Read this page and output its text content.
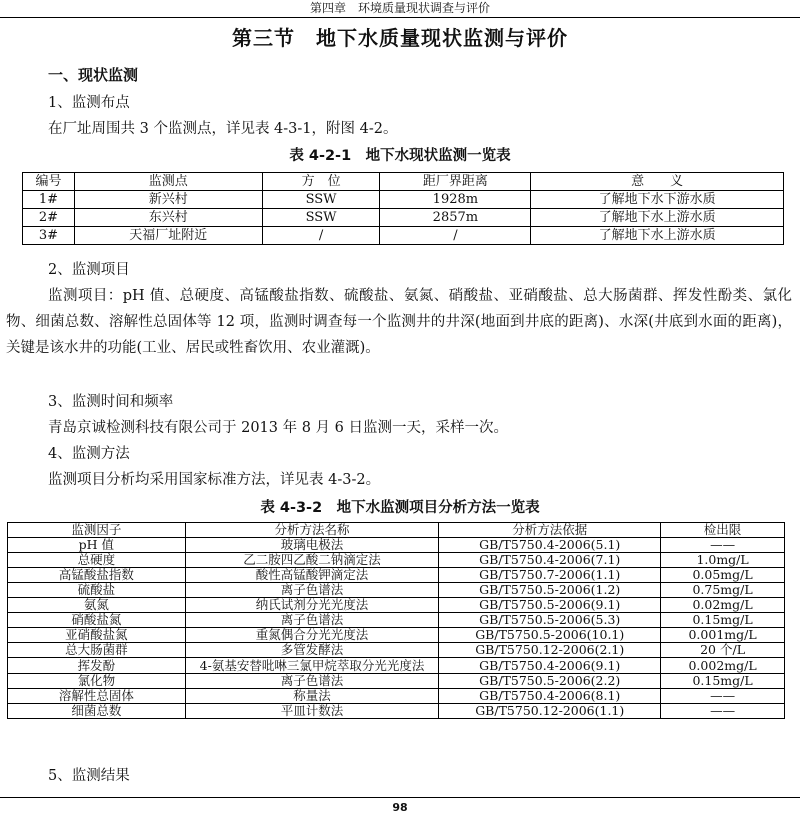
第四章　环境质量现状调查与评价
第三节　地下水质量现状监测与评价
一、现状监测
1、监测布点
在厂址周围共 3 个监测点，详见表 4-3-1，附图 4-2。
表 4-2-1　地下水现状监测一览表
编号	监测点	方　位	距厂界距离	意　　义
1#	新兴村	SSW	1928m	了解地下水下游水质
2#	东兴村	SSW	2857m	了解地下水上游水质
3#	天福厂址附近	/	/	了解地下水上游水质
2、监测项目
监测项目：pH 值、总硬度、高锰酸盐指数、硫酸盐、氨氮、硝酸盐、亚硝酸盐、总大肠菌群、挥发性酚类、氯化物、细菌总数、溶解性总固体等 12 项，监测时调查每一个监测井的井深(地面到井底的距离)、水深(井底到水面的距离)，关键是该水井的功能(工业、居民或牲畜饮用、农业灌溉)。
3、监测时间和频率
青岛京诚检测科技有限公司于 2013 年 8 月 6 日监测一天，采样一次。
4、监测方法
监测项目分析均采用国家标准方法，详见表 4-3-2。
表 4-3-2　地下水监测项目分析方法一览表
监测因子	分析方法名称	分析方法依据	检出限
pH 值	玻璃电极法	GB/T5750.4-2006(5.1)	——
总硬度	乙二胺四乙酸二钠滴定法	GB/T5750.4-2006(7.1)	1.0mg/L
高锰酸盐指数	酸性高锰酸钾滴定法	GB/T5750.7-2006(1.1)	0.05mg/L
硫酸盐	离子色谱法	GB/T5750.5-2006(1.2)	0.75mg/L
氨氮	纳氏试剂分光光度法	GB/T5750.5-2006(9.1)	0.02mg/L
硝酸盐氮	离子色谱法	GB/T5750.5-2006(5.3)	0.15mg/L
亚硝酸盐氮	重氮偶合分光光度法	GB/T5750.5-2006(10.1)	0.001mg/L
总大肠菌群	多管发酵法	GB/T5750.12-2006(2.1)	20 个/L
挥发酚	4-氨基安替吡啉三氯甲烷萃取分光光度法	GB/T5750.4-2006(9.1)	0.002mg/L
氯化物	离子色谱法	GB/T5750.5-2006(2.2)	0.15mg/L
溶解性总固体	称量法	GB/T5750.4-2006(8.1)	——
细菌总数	平皿计数法	GB/T5750.12-2006(1.1)	——
5、监测结果
98
